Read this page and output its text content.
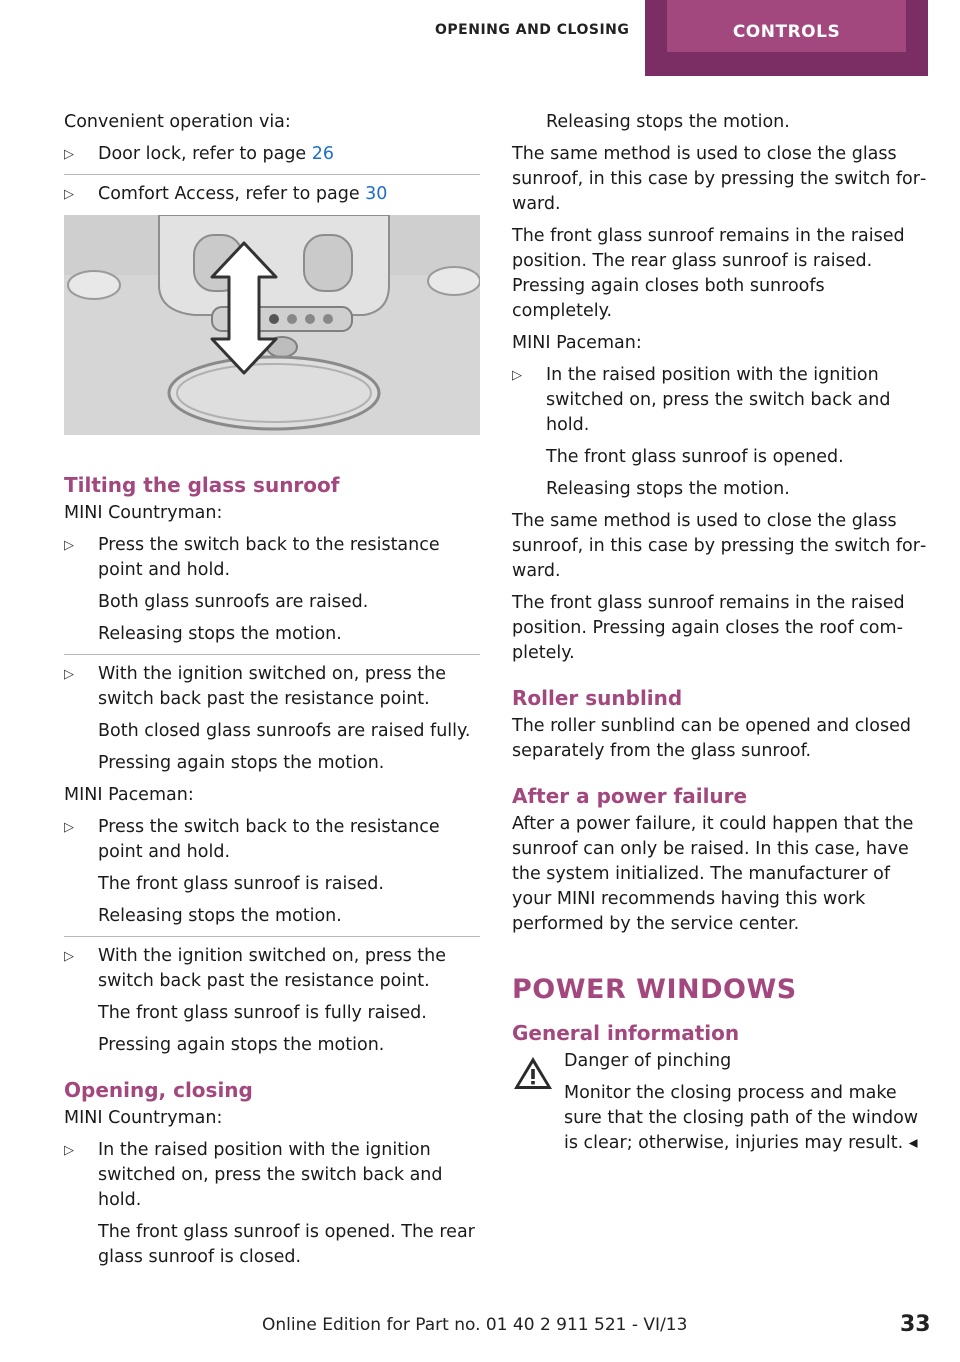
OPENING AND CLOSING	CONTROLS

Convenient operation via:

▷	Door lock, refer to page 26
▷	Comfort Access, refer to page 30
Tilting the glass sunroof

MINI Countryman:

▷	Press the switch back to the resistance point and hold.

Both glass sunroofs are raised.

Releasing stops the motion.

▷	With the ignition switched on, press the switch back past the resistance point.

Both closed glass sunroofs are raised fully.

Pressing again stops the motion.

MINI Paceman:

▷	Press the switch back to the resistance point and hold.

The front glass sunroof is raised.

Releasing stops the motion.

▷	With the ignition switched on, press the switch back past the resistance point.

The front glass sunroof is fully raised.

Pressing again stops the motion.

Opening, closing

MINI Countryman:

▷	In the raised position with the ignition switched on, press the switch back and hold.

The front glass sunroof is opened. The rear glass sunroof is closed.

Releasing stops the motion.

The same method is used to close the glass sunroof, in this case by pressing the switch forward.

The front glass sunroof remains in the raised position. The rear glass sunroof is raised. Pressing again closes both sunroofs completely.

MINI Paceman:

▷	In the raised position with the ignition switched on, press the switch back and hold.

The front glass sunroof is opened.

Releasing stops the motion.

The same method is used to close the glass sunroof, in this case by pressing the switch forward.

The front glass sunroof remains in the raised position. Pressing again closes the roof completely.

Roller sunblind

The roller sunblind can be opened and closed separately from the glass sunroof.

After a power failure

After a power failure, it could happen that the sunroof can only be raised. In this case, have the system initialized. The manufacturer of your MINI recommends having this work performed by the service center.

POWER WINDOWS
General information

Danger of pinching

Monitor the closing process and make sure that the closing path of the window is clear; otherwise, injuries may result. ◂

Online Edition for Part no. 01 40 2 911 521 - VI/13	33
